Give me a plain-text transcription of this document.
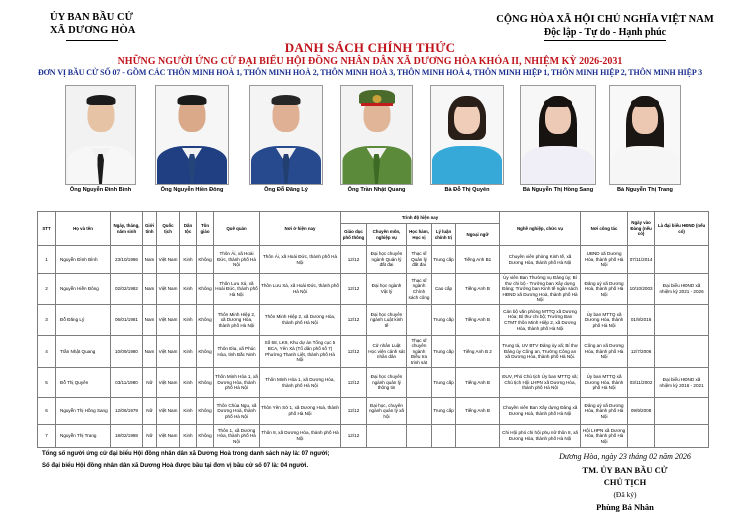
ỦY BAN BẦU CỬ
XÃ DƯƠNG HÒA
CỘNG HÒA XÃ HỘI CHỦ NGHĨA VIỆT NAM
Độc lập - Tự do - Hạnh phúc
DANH SÁCH CHÍNH THỨC
NHỮNG NGƯỜI ỨNG CỬ ĐẠI BIỂU HỘI ĐỒNG NHÂN DÂN XÃ DƯƠNG HÒA KHÓA II, NHIỆM KỲ 2026-2031
ĐƠN VỊ BẦU CỬ SỐ 07 - GỒM CÁC THÔN MINH HOÀ 1, THÔN MINH HOÀ 2, THÔN MINH HOÀ 3, THÔN MINH HOÀ 4, THÔN MINH HIỆP 1, THÔN MINH HIỆP 2, THÔN MINH HIỆP 3
Ông Nguyễn Đình Bình	Ông Nguyễn Hiền Đông	Ông Đỗ Đăng Lý	Ông Trần Nhật Quang	Bà Đỗ Thị Quyên	Bà Nguyễn Thị Hồng Sang	Bà Nguyễn Thị Trang
STT	Họ và tên	Ngày, tháng, năm sinh	Giới tính	Quốc tịch	Dân tộc	Tôn giáo	Quê quán	Nơi ở hiện nay	Trình độ hiện nay					Nghề nghiệp, chức vụ	Nơi công tác	Ngày vào Đảng (nếu có)	Là đại biểu HĐND (nếu có)
									Giáo dục phổ thông	Chuyên môn, nghiệp vụ	Học hàm, Học vị	Lý luận chính trị	Ngoại ngữ				
1	Nguyễn Đình Bình	23/10/1986	Nam	Việt Nam	Kinh	Không	Thôn Ải, xã Hoài Đức, thành phố Hà Nội	Thôn Ải, xã Hoài Đức, thành phố Hà Nội	12/12	Đại học chuyên ngành Quản lý đất đai	Thạc sĩ Quản lý đất đai	Trung cấp	Tiếng Anh B1	Chuyên viên phòng Kinh tế, xã Dương Hòa, thành phố Hà Nội	UBND xã Dương Hòa, thành phố Hà Nội	07/11/2014	
2	Nguyễn Hiền Đông	02/02/1982	Nam	Việt Nam	Kinh	Không	Thôn Lưu Xá, xã Hoài Đức, thành phố Hà Nội	Thôn Lưu Xá, xã Hoài Đức, thành phố Hà Nội	12/12	Đại học ngành Vật lý	Thạc sĩ ngành Chính sách công	Cao cấp	Tiếng Anh B	Ủy viên Ban Thường vụ Đảng ủy; Bí thư chi bộ - Trưởng ban Xây dựng Đảng; Trưởng ban Kinh tế ngân sách HĐND xã Dương Hoà, thành phố Hà Nội	Đảng uỷ xã Dương Hoà, thành phố Hà Nội	10/10/2003	Đại biểu HĐND xã nhiệm kỳ 2021 - 2026
3	Đỗ Đăng Lý	06/01/1981	Nam	Việt Nam	Kinh	Không	Thôn Minh Hiệp 2, xã Dương Hòa, thành phố Hà Nội	Thôn Minh Hiệp 2, xã Dương Hòa, thành phố Hà Nội	12/12	Đại học chuyên ngành Luật kinh tế		Trung cấp	Tiếng Anh B	Cán bộ văn phòng MTTQ xã Dương Hòa; Bí thư chi bộ; Trưởng Ban CTMT thôn Minh Hiệp 2, xã Dương Hòa, thành phố Hà Nội	Ủy ban MTTQ xã Dương Hòa, thành phố Hà Nội	01/9/2016	
4	Trần Nhật Quang	10/09/1980	Nam	Việt Nam	Kinh	Không	Thôn Đìa, xã Phúc Hòa, tỉnh Bắc Ninh	Số 58, LK9, Khu dự án Tổng cục 5 BCA, Yên Xá (Tổ dân phố số 7) Phường Thanh Liệt, thành phố Hà Nội	12/12	Cử nhân Luật Học viện cảnh sát nhân dân	Thạc sĩ chuyên ngành Điều tra trinh sát	Trung cấp	Tiếng Anh B 2	Trung tá, UV BTV Đảng ủy xã; Bí thư Đảng ủy Công an, Trưởng Công an xã Dương Hòa, thành phố Hà Nội.	Công an xã Dương Hòa, thành phố Hà Nội	12/7/2006	
5	Đỗ Thị Quyên	03/11/1980	Nữ	Việt Nam	Kinh	Không	Thôn Minh Hòa 1, xã Dương Hòa, thành phố Hà Nội	Thôn Minh Hòa 1, xã Dương Hòa, thành phố Hà Nội	12/12	Đại học chuyên ngành quản lý thông tin		Trung cấp	Tiếng Anh B	ĐUV, Phó Chủ tịch Ủy ban MTTQ xã; Chủ tịch Hội LHPN xã Dương Hòa, thành phố Hà Nội	Ủy ban MTTQ xã Dương Hòa, thành phố Hà Nội	03/11/2002	Đại biểu HĐND xã nhiệm kỳ 2016 - 2021
6	Nguyễn Thị Hồng Sang	12/06/1979	Nữ	Việt Nam	Kinh	Không	Thôn Chùa Ngu, xã Dương Hoà, thành phố Hà Nội	Thôn Yên Sở 1, xã Dương Hoà, thành phố Hà Nội	12/12	Đại học, chuyên ngành quản lý xã hội		Trung cấp	Tiếng Anh B	Chuyên viên Ban Xây dựng Đảng xã Dương Hoà, thành phố Hà Nội	Đảng uỷ xã Dương Hòa, thành phố Hà Nội	09/9/2008	
7	Nguyễn Thị Trang	18/02/1988	Nữ	Việt Nam	Kinh	Không	Thôn 1, xã Dương Hòa, thành phố Hà Nội	Thôn 8, xã Dương Hòa, thành phố Hà Nội	12/12					Chi Hội phó chi hội phụ nữ thôn 8, xã Dương Hòa, thành phố Hà Nội	Hội LHPN xã Dương Hòa, thành phố Hà Nội		
Tổng số người ứng cử đại biểu Hội đồng nhân dân xã Dương Hoà trong danh sách này là: 07 người;
Số đại biểu Hội đồng nhân dân xã Dương Hoà được bầu tại đơn vị bầu cử số 07 là: 04 người.
Dương Hòa, ngày 23 tháng 02 năm 2026
TM. ỦY BAN BẦU CỬ
CHỦ TỊCH
(Đã ký)
Phùng Bá Nhân
